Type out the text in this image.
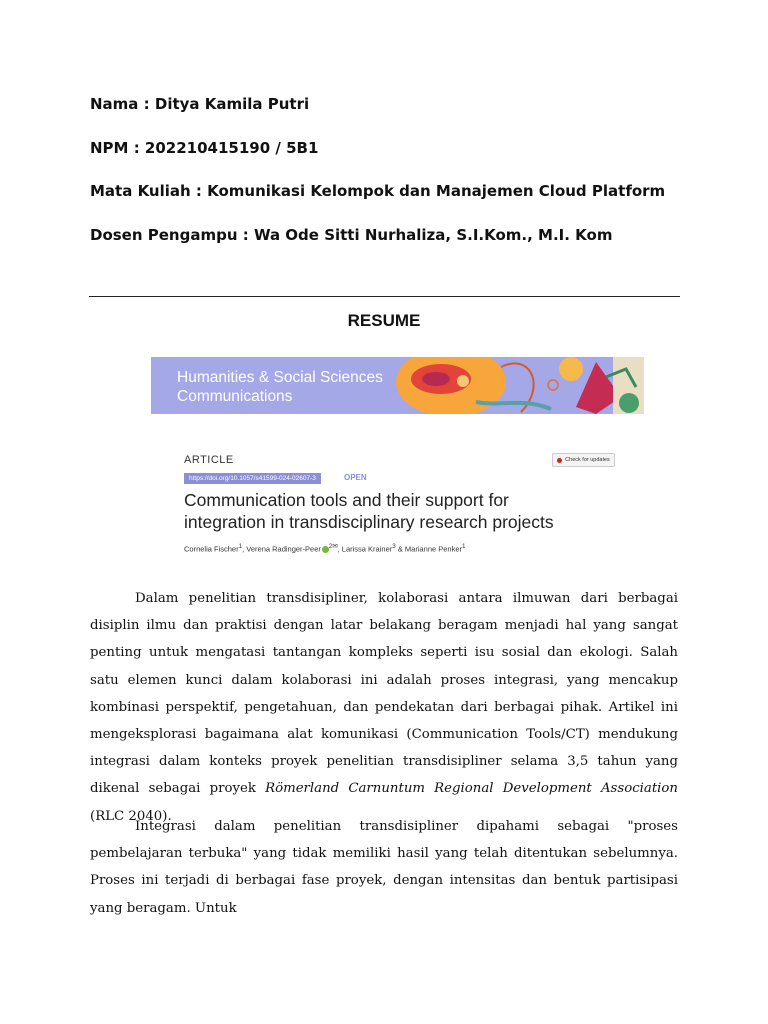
Nama : Ditya Kamila Putri
NPM : 202210415190 / 5B1
Mata Kuliah : Komunikasi Kelompok dan Manajemen Cloud Platform
Dosen Pengampu : Wa Ode Sitti Nurhaliza, S.I.Kom., M.I. Kom
RESUME
Humanities & Social Sciences
Communications
ARTICLE	Check for updates
https://doi.org/10.1057/s41599-024-02607-3	OPEN
Communication tools and their support for
integration in transdisciplinary research projects
Cornelia Fischer$^1$, Verena Radinger-Peer $^{2✉}$, Larissa Krainer$^3$ & Marianne Penker$^1$
Dalam penelitian transdisipliner, kolaborasi antara ilmuwan dari berbagai disiplin ilmu dan praktisi dengan latar belakang beragam menjadi hal yang sangat penting untuk mengatasi tantangan kompleks seperti isu sosial dan ekologi. Salah satu elemen kunci dalam kolaborasi ini adalah proses integrasi, yang mencakup kombinasi perspektif, pengetahuan, dan pendekatan dari berbagai pihak. Artikel ini mengeksplorasi bagaimana alat komunikasi (Communication Tools/CT) mendukung integrasi dalam konteks proyek penelitian transdisipliner selama 3,5 tahun yang dikenal sebagai proyek Römerland Carnuntum Regional Development Association (RLC 2040).
Integrasi dalam penelitian transdisipliner dipahami sebagai "proses pembelajaran terbuka" yang tidak memiliki hasil yang telah ditentukan sebelumnya. Proses ini terjadi di berbagai fase proyek, dengan intensitas dan bentuk partisipasi yang beragam. Untuk
